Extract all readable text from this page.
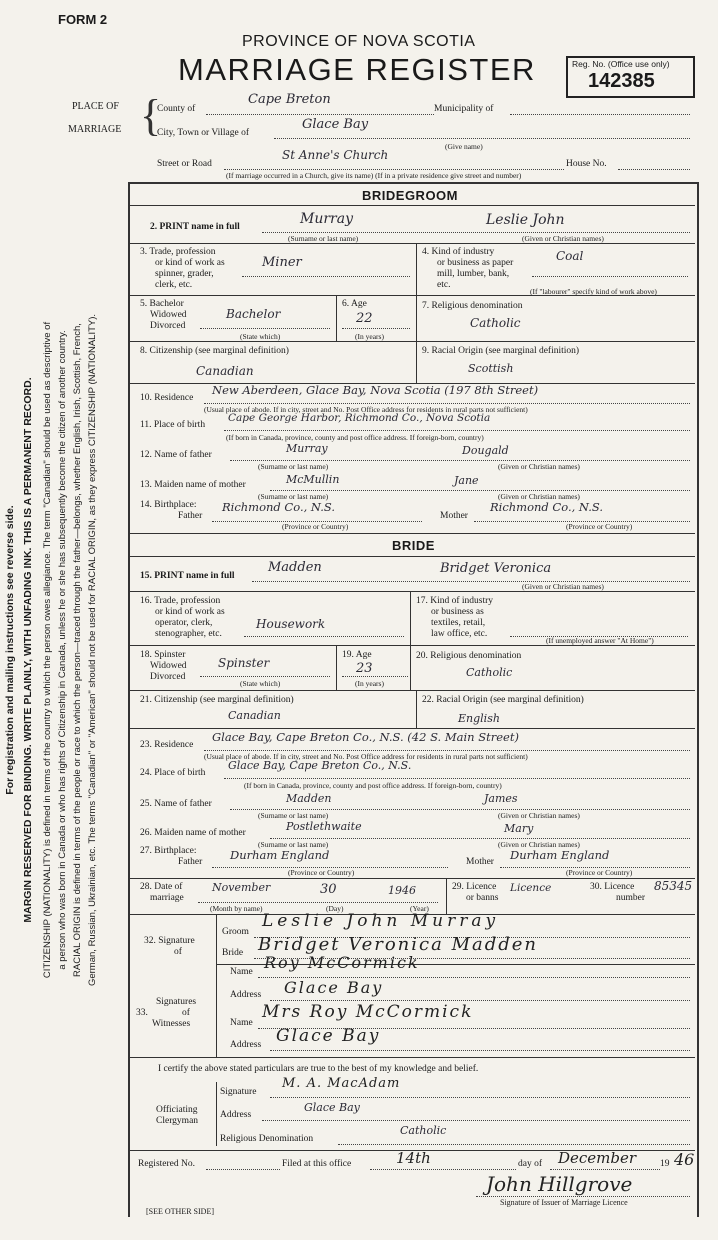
FORM 2
PROVINCE OF NOVA SCOTIA
MARRIAGE REGISTER	Reg. No. (Office use only)
142385
PLACE OF
MARRIAGE {
County of
Cape Breton
Municipality of
City, Town or Village of
Glace Bay
(Give name)
Street or Road
St Anne's Church
House No.
(If marriage occurred in a Church, give its name) (If in a private residence give street and number)
For registration and mailing instructions see reverse side. MARGIN RESERVED FOR BINDING. WRITE PLAINLY, WITH UNFADING INK. THIS IS A PERMANENT RECORD. CITIZENSHIP (NATIONALITY) is defined in terms of the country to which the person owes allegiance. The term "Canadian" should be used as descriptive of a person who was born in Canada or who has rights of Citizenship in Canada, unless he or she has subsequently become the citizen of another country. RACIAL ORIGIN is defined in terms of the people or race to which the person—traced through the father—belongs, whether English, Irish, Scottish, French, German, Russian, Ukrainian, etc. The terms "Canadian" or "American" should not be used for RACIAL ORIGIN, as they express CITIZENSHIP (NATIONALITY).
BRIDEGROOM
2. PRINT name in full	Murray	Leslie John
(Surname or last name)	(Given or Christian names)
3. Trade, profession
or kind of work as
spinner, grader,
clerk, etc.
Miner
4. Kind of industry
or business as paper
mill, lumber, bank,
etc.
Coal
(If "labourer" specify kind of work above)
5. Bachelor
Widowed
Divorced
Bachelor
(State which)
6. Age
22
(In years)
7. Religious denomination
Catholic
8. Citizenship (see marginal definition)
Canadian
9. Racial Origin (see marginal definition)
Scottish
10. Residence
New Aberdeen, Glace Bay, Nova Scotia (197 8th Street)
(Usual place of abode. If in city, street and No. Post Office address for residents in rural parts not sufficient)
11. Place of birth
Cape George Harbor, Richmond Co., Nova Scotia
(If born in Canada, province, county and post office address. If foreign-born, country)
12. Name of father	Murray	Dougald
(Surname or last name)	(Given or Christian names)
13. Maiden name of mother	McMullin	Jane
(Surname or last name)	(Given or Christian names)
14. Birthplace:
Father
Richmond Co., N.S.
(Province or Country)
Mother
Richmond Co., N.S.
(Province or Country)
BRIDE
15. PRINT name in full
Madden	Bridget Veronica
(Given or Christian names)
16. Trade, profession
or kind of work as
operator, clerk,
stenographer, etc.
Housework
17. Kind of industry
or business as
textiles, retail,
law office, etc.
(If unemployed answer "At Home")
18. Spinster
Widowed
Divorced
Spinster
(State which)
19. Age
23
(In years)
20. Religious denomination
Catholic
21. Citizenship (see marginal definition)
Canadian
22. Racial Origin (see marginal definition)
English
23. Residence
Glace Bay, Cape Breton Co., N.S. (42 S. Main Street)
(Usual place of abode. If in city, street and No. Post Office address for residents in rural parts not sufficient)
24. Place of birth
Glace Bay, Cape Breton Co., N.S.
(If born in Canada, province, county and post office address. If foreign-born, country)
25. Name of father	Madden	James
(Surname or last name)	(Given or Christian names)
26. Maiden name of mother	Postlethwaite	Mary
(Surname or last name)	(Given or Christian names)
27. Birthplace:
Father Durham England
(Province or Country)
Mother Durham England
(Province or Country)
28. Date of
marriage
November	30	1946
(Month by name)	(Day)	(Year)
29. Licence
or banns
Licence	30. Licence
number
85345
32. Signature
of
Groom
Leslie John Murray
Bride Bridget Veronica Madden
Signatures
of
Witnesses
33.
Name Roy McCormick
Address Glace Bay
Name
Mrs Roy McCormick
Address Glace Bay
I certify the above stated particulars are true to the best of my knowledge and belief.
Officiating
Clergyman
Signature
M. A. MacAdam
Address
Glace Bay
Religious Denomination
Catholic
Registered No.	Filed at this office	14th	day of December	19 46
John Hillgrove
Signature of Issuer of Marriage Licence
[SEE OTHER SIDE]
